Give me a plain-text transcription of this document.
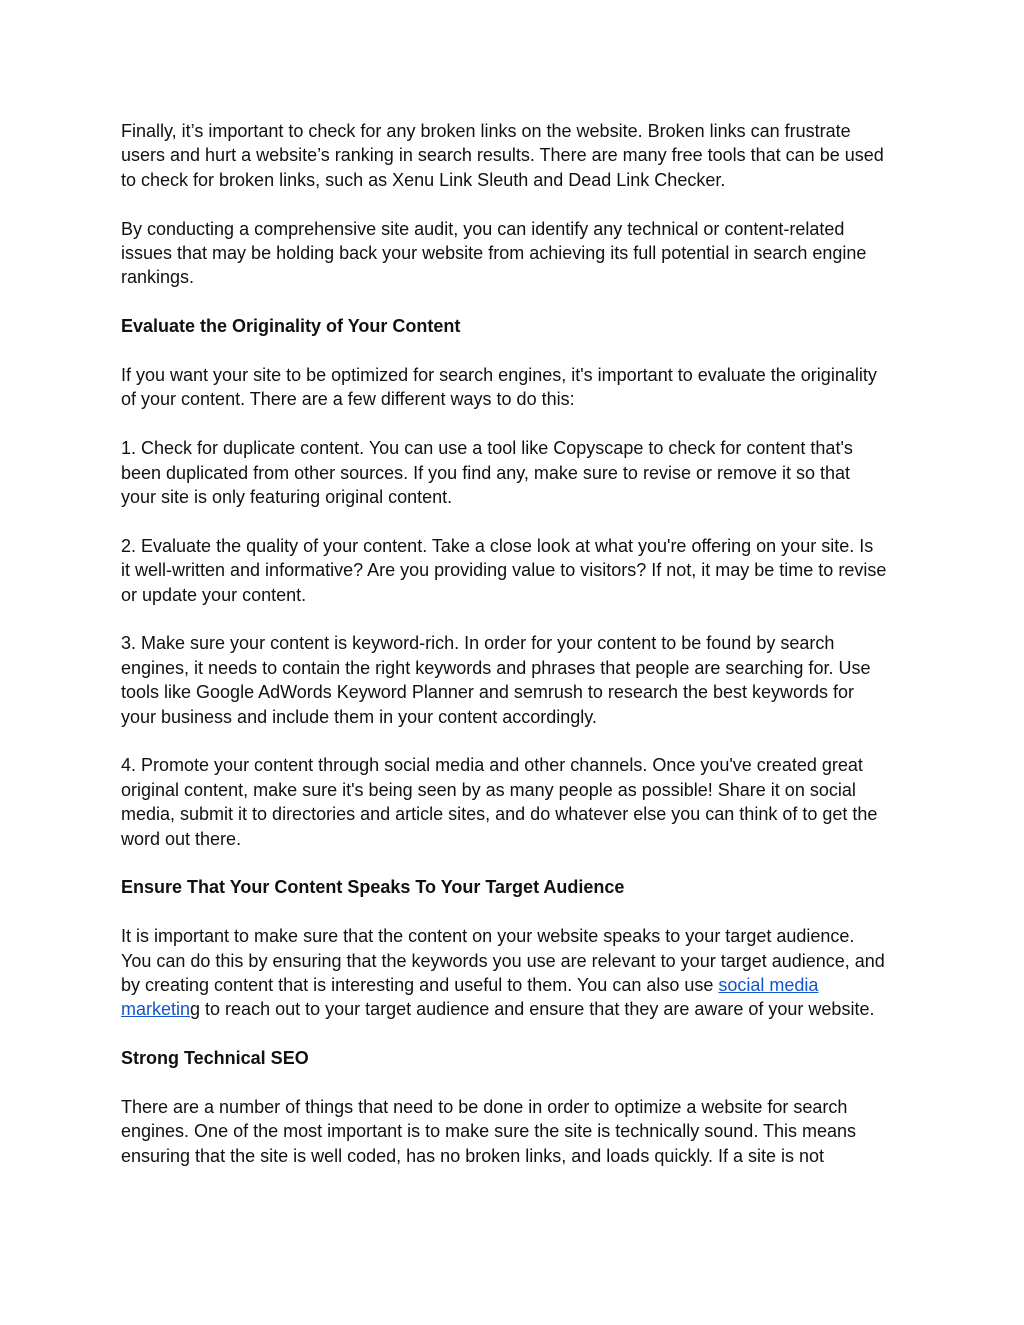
Finally, it’s important to check for any broken links on the website. Broken links can frustrate
users and hurt a website’s ranking in search results. There are many free tools that can be used
to check for broken links, such as Xenu Link Sleuth and Dead Link Checker.

By conducting a comprehensive site audit, you can identify any technical or content-related
issues that may be holding back your website from achieving its full potential in search engine
rankings.

Evaluate the Originality of Your Content

If you want your site to be optimized for search engines, it's important to evaluate the originality
of your content. There are a few different ways to do this:

1. Check for duplicate content. You can use a tool like Copyscape to check for content that's
been duplicated from other sources. If you find any, make sure to revise or remove it so that
your site is only featuring original content.

2. Evaluate the quality of your content. Take a close look at what you're offering on your site. Is
it well-written and informative? Are you providing value to visitors? If not, it may be time to revise
or update your content.

3. Make sure your content is keyword-rich. In order for your content to be found by search
engines, it needs to contain the right keywords and phrases that people are searching for. Use
tools like Google AdWords Keyword Planner and semrush to research the best keywords for
your business and include them in your content accordingly.

4. Promote your content through social media and other channels. Once you've created great
original content, make sure it's being seen by as many people as possible! Share it on social
media, submit it to directories and article sites, and do whatever else you can think of to get the
word out there.

Ensure That Your Content Speaks To Your Target Audience

It is important to make sure that the content on your website speaks to your target audience.
You can do this by ensuring that the keywords you use are relevant to your target audience, and
by creating content that is interesting and useful to them. You can also use social media
marketing to reach out to your target audience and ensure that they are aware of your website.

Strong Technical SEO

There are a number of things that need to be done in order to optimize a website for search
engines. One of the most important is to make sure the site is technically sound. This means
ensuring that the site is well coded, has no broken links, and loads quickly. If a site is not
